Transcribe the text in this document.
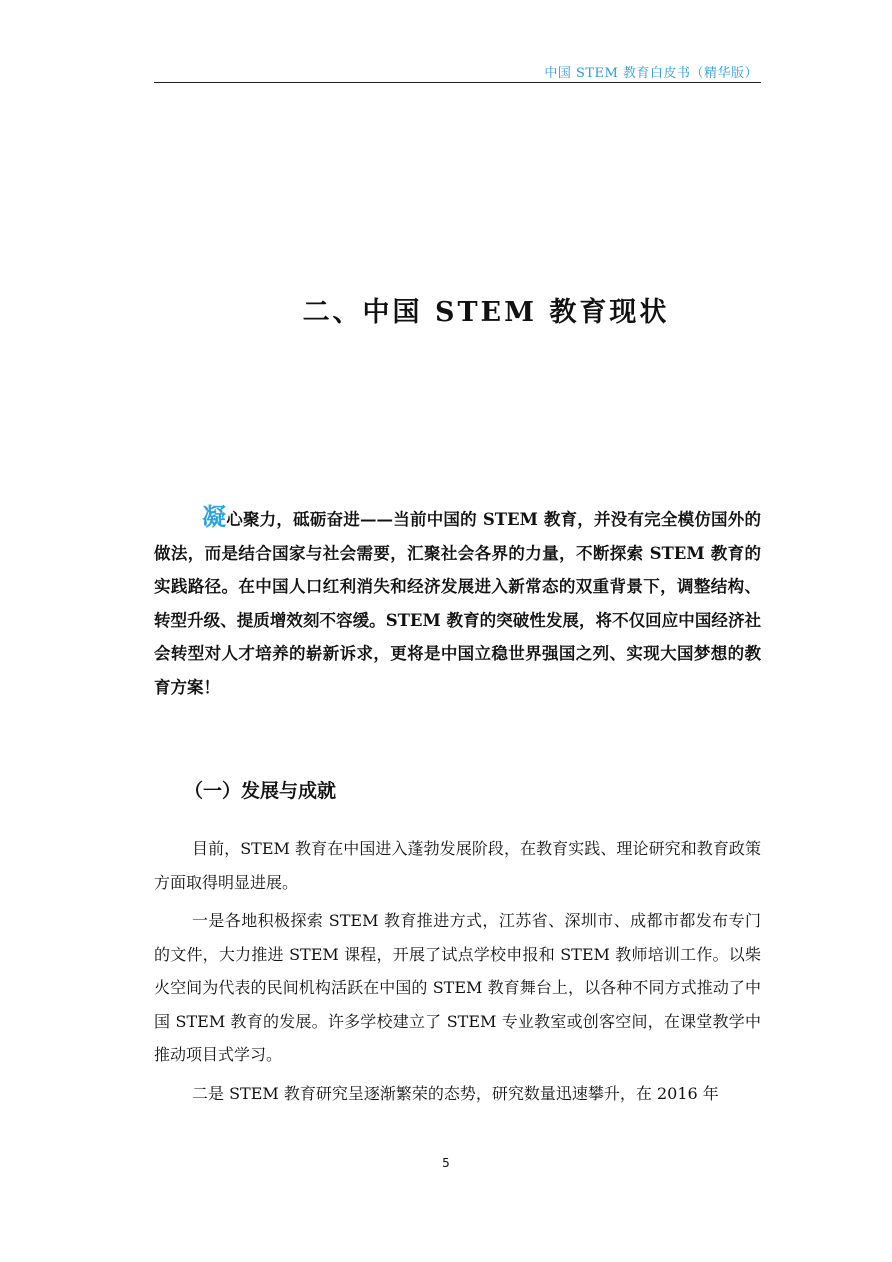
中国 STEM 教育白皮书（精华版）
二、中国 STEM 教育现状
凝心聚力，砥砺奋进——当前中国的 STEM 教育，并没有完全模仿国外的做法，而是结合国家与社会需要，汇聚社会各界的力量，不断探索 STEM 教育的实践路径。在中国人口红利消失和经济发展进入新常态的双重背景下，调整结构、转型升级、提质增效刻不容缓。STEM 教育的突破性发展，将不仅回应中国经济社会转型对人才培养的崭新诉求，更将是中国立稳世界强国之列、实现大国梦想的教育方案！
（一）发展与成就

目前，STEM 教育在中国进入蓬勃发展阶段，在教育实践、理论研究和教育政策方面取得明显进展。

一是各地积极探索 STEM 教育推进方式，江苏省、深圳市、成都市都发布专门的文件，大力推进 STEM 课程，开展了试点学校申报和 STEM 教师培训工作。以柴火空间为代表的民间机构活跃在中国的 STEM 教育舞台上，以各种不同方式推动了中国 STEM 教育的发展。许多学校建立了 STEM 专业教室或创客空间，在课堂教学中推动项目式学习。

二是 STEM 教育研究呈逐渐繁荣的态势，研究数量迅速攀升，在 2016 年

5
